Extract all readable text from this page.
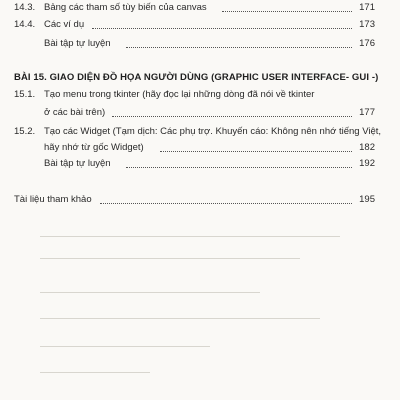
14.3. Bảng các tham số tùy biến của canvas	171
14.4. Các ví dụ	173
Bài tập tự luyện	176
BÀI 15. GIAO DIỆN ĐỒ HỌA NGƯỜI DÙNG (GRAPHIC USER INTERFACE- GUI -)
15.1. Tạo menu trong tkinter (hãy đọc lại những dòng đã nói về tkinter
ở các bài trên)	177
15.2. Tạo các Widget (Tạm dịch: Các phụ trợ. Khuyến cáo: Không nên nhớ tiếng Việt,
hãy nhớ từ gốc Widget)	182
Bài tập tự luyện	192
Tài liệu tham khảo	195
